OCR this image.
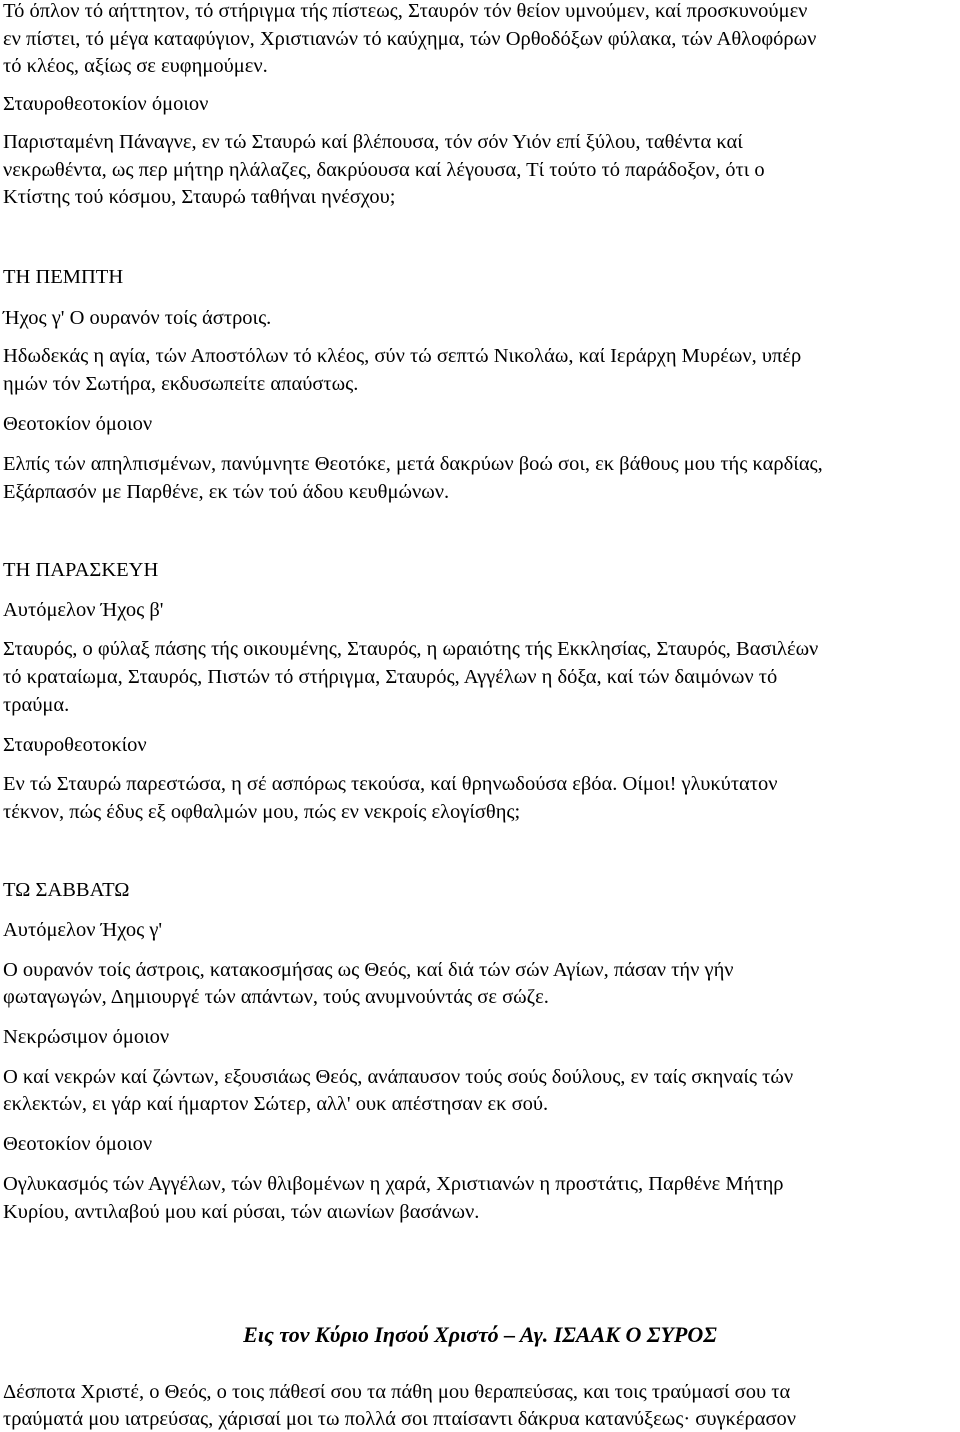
Τό όπλον τό αήττητον, τό στήριγμα τής πίστεως, Σταυρόν τόν θείον υμνούμεν, καί προσκυνούμεν

εν πίστει, τό μέγα καταφύγιον, Χριστιανών τό καύχημα, τών Ορθοδόξων φύλακα, τών Αθλοφόρων

τό κλέος, αξίως σε ευφημούμεν.

Σταυροθεοτοκίον όμοιον

Παρισταμένη Πάναγνε, εν τώ Σταυρώ καί βλέπουσα, τόν σόν Υιόν επί ξύλου, ταθέντα καί

νεκρωθέντα, ως περ μήτηρ ηλάλαζες, δακρύουσα καί λέγουσα, Τί τούτο τό παράδοξον, ότι ο

Κτίστης τού κόσμου, Σταυρώ ταθήναι ηνέσχου;

ΤΗ ΠΕΜΠΤΗ

Ήχος γ' Ο ουρανόν τοίς άστροις.

Ηδωδεκάς η αγία, τών Αποστόλων τό κλέος, σύν τώ σεπτώ Νικολάω, καί Ιεράρχη Μυρέων, υπέρ

ημών τόν Σωτήρα, εκδυσωπείτε απαύστως.

Θεοτοκίον όμοιον

Ελπίς τών απηλπισμένων, πανύμνητε Θεοτόκε, μετά δακρύων βοώ σοι, εκ βάθους μου τής καρδίας,

Εξάρπασόν με Παρθένε, εκ τών τού άδου κευθμώνων.

ΤΗ ΠΑΡΑΣΚΕΥΗ

Αυτόμελον Ήχος β'

Σταυρός, ο φύλαξ πάσης τής οικουμένης, Σταυρός, η ωραιότης τής Εκκλησίας, Σταυρός, Βασιλέων

τό κραταίωμα, Σταυρός, Πιστών τό στήριγμα, Σταυρός, Αγγέλων η δόξα, καί τών δαιμόνων τό

τραύμα.

Σταυροθεοτοκίον

Εν τώ Σταυρώ παρεστώσα, η σέ ασπόρως τεκούσα, καί θρηνωδούσα εβόα. Οίμοι! γλυκύτατον

τέκνον, πώς έδυς εξ οφθαλμών μου, πώς εν νεκροίς ελογίσθης;

ΤΩ ΣΑΒΒΑΤΩ

Αυτόμελον Ήχος γ'

Ο ουρανόν τοίς άστροις, κατακοσμήσας ως Θεός, καί διά τών σών Αγίων, πάσαν τήν γήν

φωταγωγών, Δημιουργέ τών απάντων, τούς ανυμνούντάς σε σώζε.

Νεκρώσιμον όμοιον

Ο καί νεκρών καί ζώντων, εξουσιάως Θεός, ανάπαυσον τούς σούς δούλους, εν ταίς σκηναίς τών

εκλεκτών, ει γάρ καί ήμαρτον Σώτερ, αλλ' ουκ απέστησαν εκ σού.

Θεοτοκίον όμοιον

Ογλυκασμός τών Αγγέλων, τών θλιβομένων η χαρά, Χριστιανών η προστάτις, Παρθένε Μήτηρ

Κυρίου, αντιλαβού μου καί ρύσαι, τών αιωνίων βασάνων.

Εις τον Κύριο Ιησού Χριστό – Αγ. ΙΣΑΑΚ Ο ΣΥΡΟΣ

Δέσποτα Χριστέ, ο Θεός, ο τοις πάθεσί σου τα πάθη μου θεραπεύσας, και τοις τραύμασί σου τα

τραύματά μου ιατρεύσας, χάρισαί μοι τω πολλά σοι πταίσαντι δάκρυα κατανύξεως· συγκέρασον
